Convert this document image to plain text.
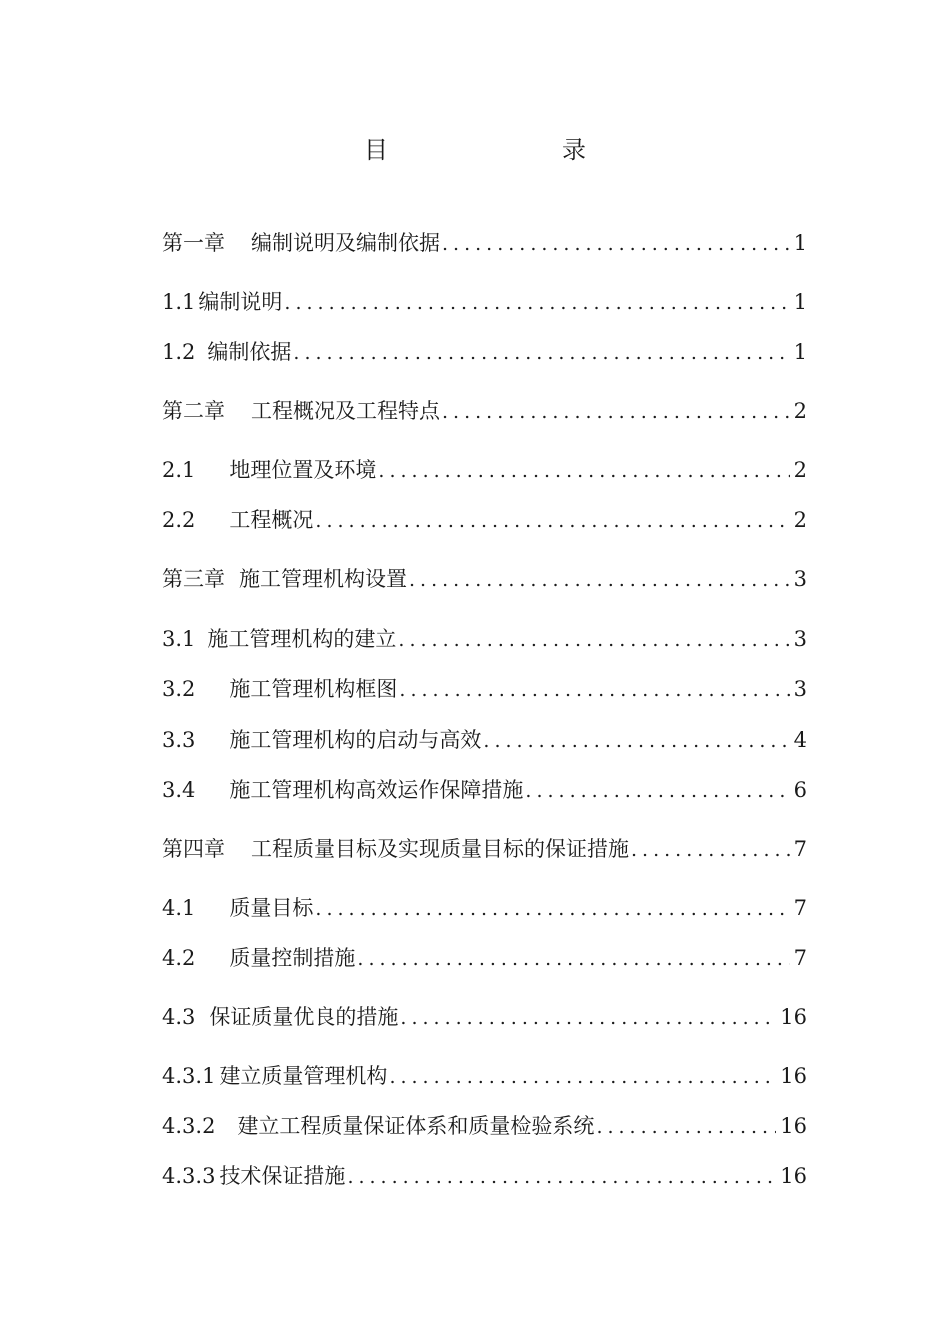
目　　录
第一章 编制说明及编制依据 .....	1
1.1 编制说明 .....	1
1.2 编制依据 .....	1
第二章 工程概况及工程特点 .....	2
2.1 地理位置及环境 .....	2
2.2 工程概况 .....	2
第三章 施工管理机构设置 .....	3
3.1 施工管理机构的建立 .....	3
3.2 施工管理机构框图 .....	3
3.3 施工管理机构的启动与高效 .....	4
3.4 施工管理机构高效运作保障措施 .....	6
第四章 工程质量目标及实现质量目标的保证措施 .....	7
4.1 质量目标 .....	7
4.2 质量控制措施 .....	7
4.3 保证质量优良的措施 .....	16
4.3.1 建立质量管理机构 .....	16
4.3.2 建立工程质量保证体系和质量检验系统 .....	16
4.3.3 技术保证措施 .....	16
